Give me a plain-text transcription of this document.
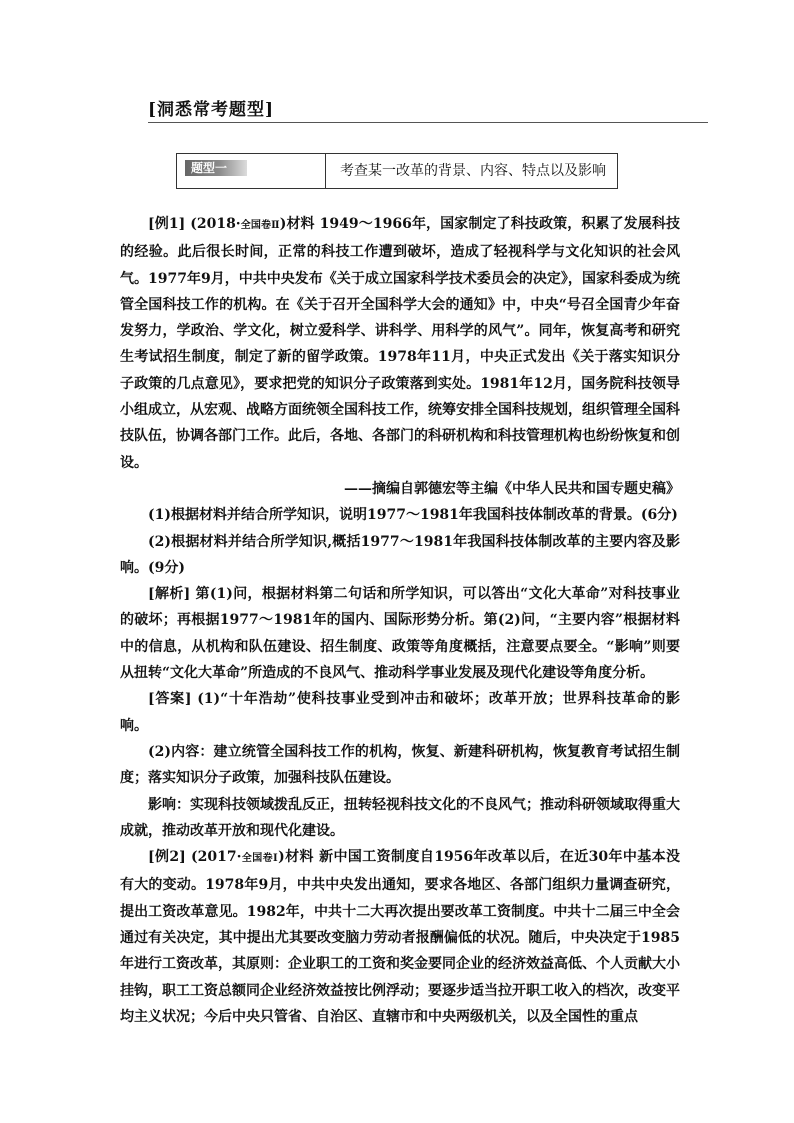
[洞悉常考题型]
题型一	考查某一改革的背景、内容、特点以及影响

[例1] (2018·全国卷Ⅱ)材料 1949～1966年，国家制定了科技政策，积累了发展科技的经验。此后很长时间，正常的科技工作遭到破坏，造成了轻视科学与文化知识的社会风气。1977年9月，中共中央发布《关于成立国家科学技术委员会的决定》，国家科委成为统管全国科技工作的机构。在《关于召开全国科学大会的通知》中，中央“号召全国青少年奋发努力，学政治、学文化，树立爱科学、讲科学、用科学的风气”。同年，恢复高考和研究生考试招生制度，制定了新的留学政策。1978年11月，中央正式发出《关于落实知识分子政策的几点意见》，要求把党的知识分子政策落到实处。1981年12月，国务院科技领导小组成立，从宏观、战略方面统领全国科技工作，统筹安排全国科技规划，组织管理全国科技队伍，协调各部门工作。此后，各地、各部门的科研机构和科技管理机构也纷纷恢复和创设。

——摘编自郭德宏等主编《中华人民共和国专题史稿》

(1)根据材料并结合所学知识，说明1977～1981年我国科技体制改革的背景。(6分)

(2)根据材料并结合所学知识,概括1977～1981年我国科技体制改革的主要内容及影响。(9分)

[解析] 第(1)问，根据材料第二句话和所学知识，可以答出“文化大革命”对科技事业的破坏；再根据1977～1981年的国内、国际形势分析。第(2)问，“主要内容”根据材料中的信息，从机构和队伍建设、招生制度、政策等角度概括，注意要点要全。“影响”则要从扭转“文化大革命”所造成的不良风气、推动科学事业发展及现代化建设等角度分析。

[答案] (1)“十年浩劫”使科技事业受到冲击和破坏；改革开放；世界科技革命的影响。

(2)内容：建立统管全国科技工作的机构，恢复、新建科研机构，恢复教育考试招生制度；落实知识分子政策，加强科技队伍建设。

影响：实现科技领域拨乱反正，扭转轻视科技文化的不良风气；推动科研领域取得重大成就，推动改革开放和现代化建设。

[例2] (2017·全国卷Ⅰ)材料 新中国工资制度自1956年改革以后，在近30年中基本没有大的变动。1978年9月，中共中央发出通知，要求各地区、各部门组织力量调查研究，提出工资改革意见。1982年，中共十二大再次提出要改革工资制度。中共十二届三中全会通过有关决定，其中提出尤其要改变脑力劳动者报酬偏低的状况。随后，中央决定于1985年进行工资改革，其原则：企业职工的工资和奖金要同企业的经济效益高低、个人贡献大小挂钩，职工工资总额同企业经济效益按比例浮动；要逐步适当拉开职工收入的档次，改变平均主义状况；今后中央只管省、自治区、直辖市和中央两级机关，以及全国性的重点
